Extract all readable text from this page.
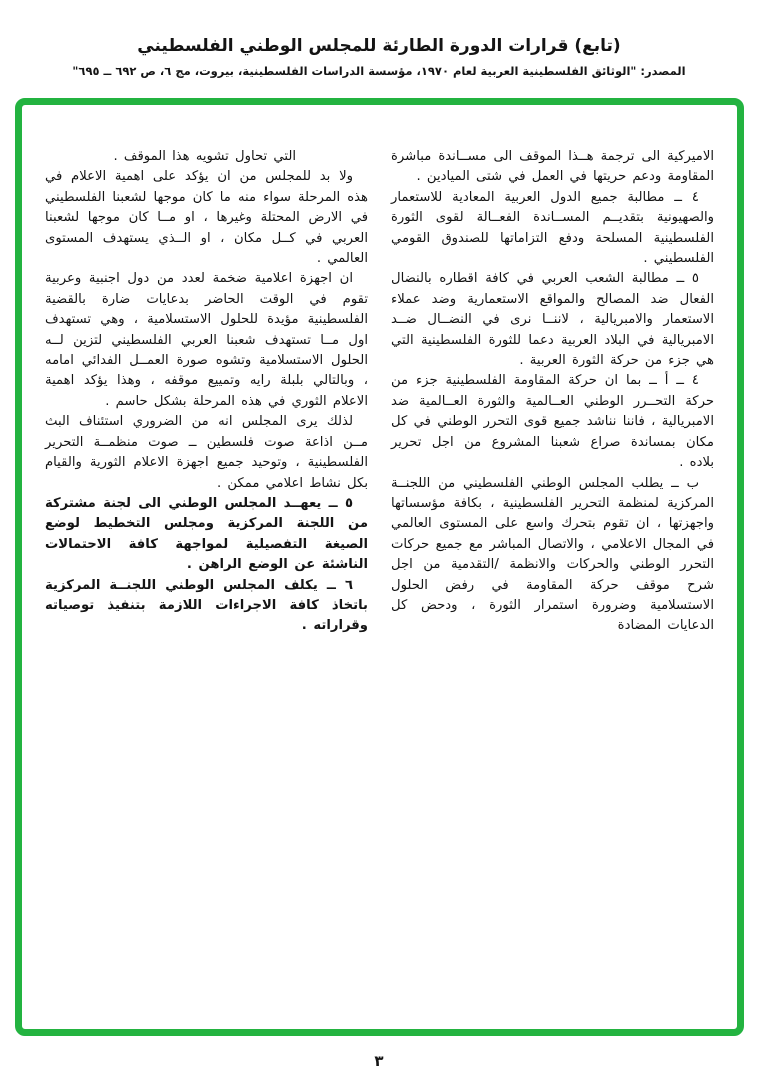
(تابع) قرارات الدورة الطارئة للمجلس الوطني الفلسطيني
المصدر: "الوثائق الفلسطينية العربية لعام ١٩٧٠، مؤسسة الدراسات الفلسطينية، بيروت، مج ٦، ص ٦٩٢ ــ ٦٩٥"

الاميركية الى ترجمة هــذا الموقف الى مســاندة مباشرة المقاومة ودعم حريتها في العمل في شتى الميادين .

٤ ــ مطالبة جميع الدول العربية المعادية للاستعمار والصهيونية بتقديــم المســاندة الفعــالة لقوى الثورة الفلسطينية المسلحة ودفع التزاماتها للصندوق القومي الفلسطيني .

٥ ــ مطالبة الشعب العربي في كافة اقطاره بالنضال الفعال ضد المصالح والمواقع الاستعمارية وضد عملاء الاستعمار والامبريالية ، لاننــا نرى في النضــال ضــد الامبريالية في البلاد العربية دعما للثورة الفلسطينية التي هي جزء من حركة الثورة العربية .

٤ ــ أ ــ بما ان حركة المقاومة الفلسطينية جزء من حركة التحــرر الوطني العــالمية والثورة العــالمية ضد الامبريالية ، فاننا نناشد جميع قوى التحرر الوطني في كل مكان بمساندة صراع شعبنا المشروع من اجل تحرير بلاده .

ب ــ يطلب المجلس الوطني الفلسطيني من اللجنــة المركزية لمنظمة التحرير الفلسطينية ، بكافة مؤسساتها واجهزتها ، ان تقوم بتحرك واسع على المستوى العالمي في المجال الاعلامي ، والاتصال المباشر مع جميع حركات التحرر الوطني والحركات والانظمة /التقدمية من اجل شرح موقف حركة المقاومة في رفض الحلول الاستسلامية وضرورة استمرار الثورة ، ودحض كل الدعايات المضادة

التي تحاول تشويه هذا الموقف .

ولا بد للمجلس من ان يؤكد على اهمية الاعلام في هذه المرحلة سواء منه ما كان موجها لشعبنا الفلسطيني في الارض المحتلة وغيرها ، او مــا كان موجها لشعبنا العربي في كــل مكان ، او الــذي يستهدف المستوى العالمي .

ان اجهزة اعلامية ضخمة لعدد من دول اجنبية وعربية تقوم في الوقت الحاضر بدعايات ضارة بالقضية الفلسطينية مؤيدة للحلول الاستسلامية ، وهي تستهدف اول مــا تستهدف شعبنا العربي الفلسطيني لتزين لــه الحلول الاستسلامية وتشوه صورة العمــل الفدائي امامه ، وبالتالي بلبلة رايه وتمييع موقفه ، وهذا يؤكد اهمية الاعلام الثوري في هذه المرحلة بشكل حاسم .

لذلك يرى المجلس انه من الضروري استئناف البث مــن اذاعة صوت فلسطين ــ صوت منظمــة التحرير الفلسطينية ، وتوحيد جميع اجهزة الاعلام الثورية والقيام بكل نشاط اعلامي ممكن .

٥ ــ يعهــد المجلس الوطني الى لجنة مشتركة من اللجنة المركزية ومجلس التخطيط لوضع الصيغة التفصيلية لمواجهة كافة الاحتمالات الناشئة عن الوضع الراهن .

٦ ــ يكلف المجلس الوطني اللجنــة المركزية باتخاذ كافة الاجراءات اللازمة بتنفيذ توصياته وقراراته .

٣
